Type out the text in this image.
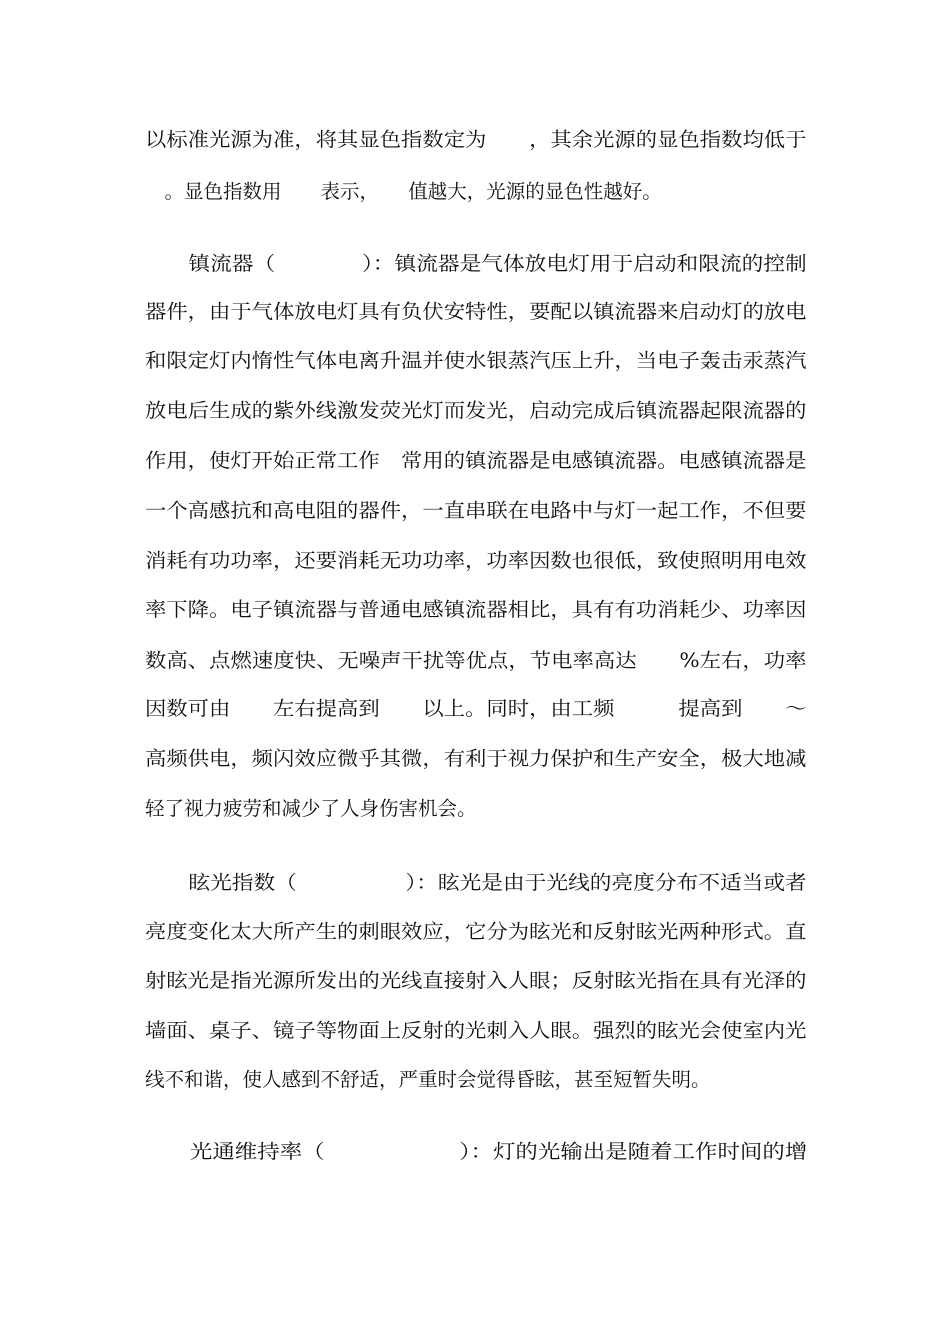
以标准光源为准，将其显色指数定为　　，其余光源的显色指数均低于
　。显色指数用　　表示，　　值越大，光源的显色性越好。
　　镇流器（　　　　）：镇流器是气体放电灯用于启动和限流的控制
器件，由于气体放电灯具有负伏安特性，要配以镇流器来启动灯的放电
和限定灯内惰性气体电离升温并使水银蒸汽压上升，当电子轰击汞蒸汽
放电后生成的紫外线激发荧光灯而发光，启动完成后镇流器起限流器的
作用，使灯开始正常工作　常用的镇流器是电感镇流器。电感镇流器是
一个高感抗和高电阻的器件，一直串联在电路中与灯一起工作，不但要
消耗有功功率，还要消耗无功功率，功率因数也很低，致使照明用电效
率下降。电子镇流器与普通电感镇流器相比，具有有功消耗少、功率因
数高、点燃速度快、无噪声干扰等优点，节电率高达　　%左右，功率
因数可由　　左右提高到　　以上。同时，由工频　　　提高到　　～
高频供电，频闪效应微乎其微，有利于视力保护和生产安全，极大地减
轻了视力疲劳和减少了人身伤害机会。
　　眩光指数（　　　　　）：眩光是由于光线的亮度分布不适当或者
亮度变化太大所产生的刺眼效应，它分为眩光和反射眩光两种形式。直
射眩光是指光源所发出的光线直接射入人眼；反射眩光指在具有光泽的
墙面、桌子、镜子等物面上反射的光刺入人眼。强烈的眩光会使室内光
线不和谐，使人感到不舒适，严重时会觉得昏眩，甚至短暂失明。
　　光通维持率（　　　　　　）：灯的光输出是随着工作时间的增
